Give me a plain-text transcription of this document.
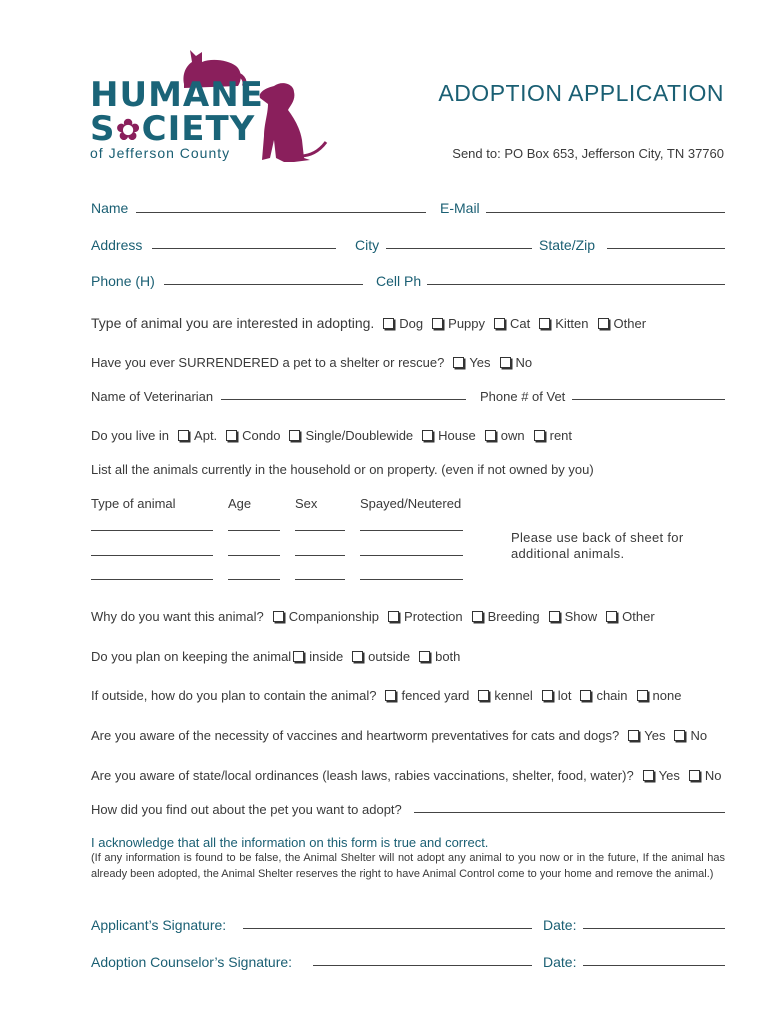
HUMANE
S✿CIETY
of Jefferson County
ADOPTION APPLICATION
Send to: PO Box 653, Jefferson City, TN 37760
Name	E-Mail
Address	City	State/Zip
Phone (H)	Cell Ph
Type of animal you are interested in adopting. Dog Puppy Cat Kitten Other
Have you ever SURRENDERED a pet to a shelter or rescue? Yes No
Name of Veterinarian	Phone # of Vet
Do you live in Apt. Condo Single/Doublewide House own rent
List all the animals currently in the household or on property. (even if not owned by you)
Type of animal	Age	Sex	Spayed/Neutered
Please use back of sheet for additional animals.
Why do you want this animal? Companionship Protection Breeding Show Other
Do you plan on keeping the animal inside outside both
If outside, how do you plan to contain the animal? fenced yard kennel lot chain none
Are you aware of the necessity of vaccines and heartworm preventatives for cats and dogs? Yes No
Are you aware of state/local ordinances (leash laws, rabies vaccinations, shelter, food, water)? Yes No
How did you find out about the pet you want to adopt?
I acknowledge that all the information on this form is true and correct.
(If any information is found to be false, the Animal Shelter will not adopt any animal to you now or in the future, If the animal has already been adopted, the Animal Shelter reserves the right to have Animal Control come to your home and remove the animal.)
Applicant’s Signature:	Date:
Adoption Counselor’s Signature:	Date:
